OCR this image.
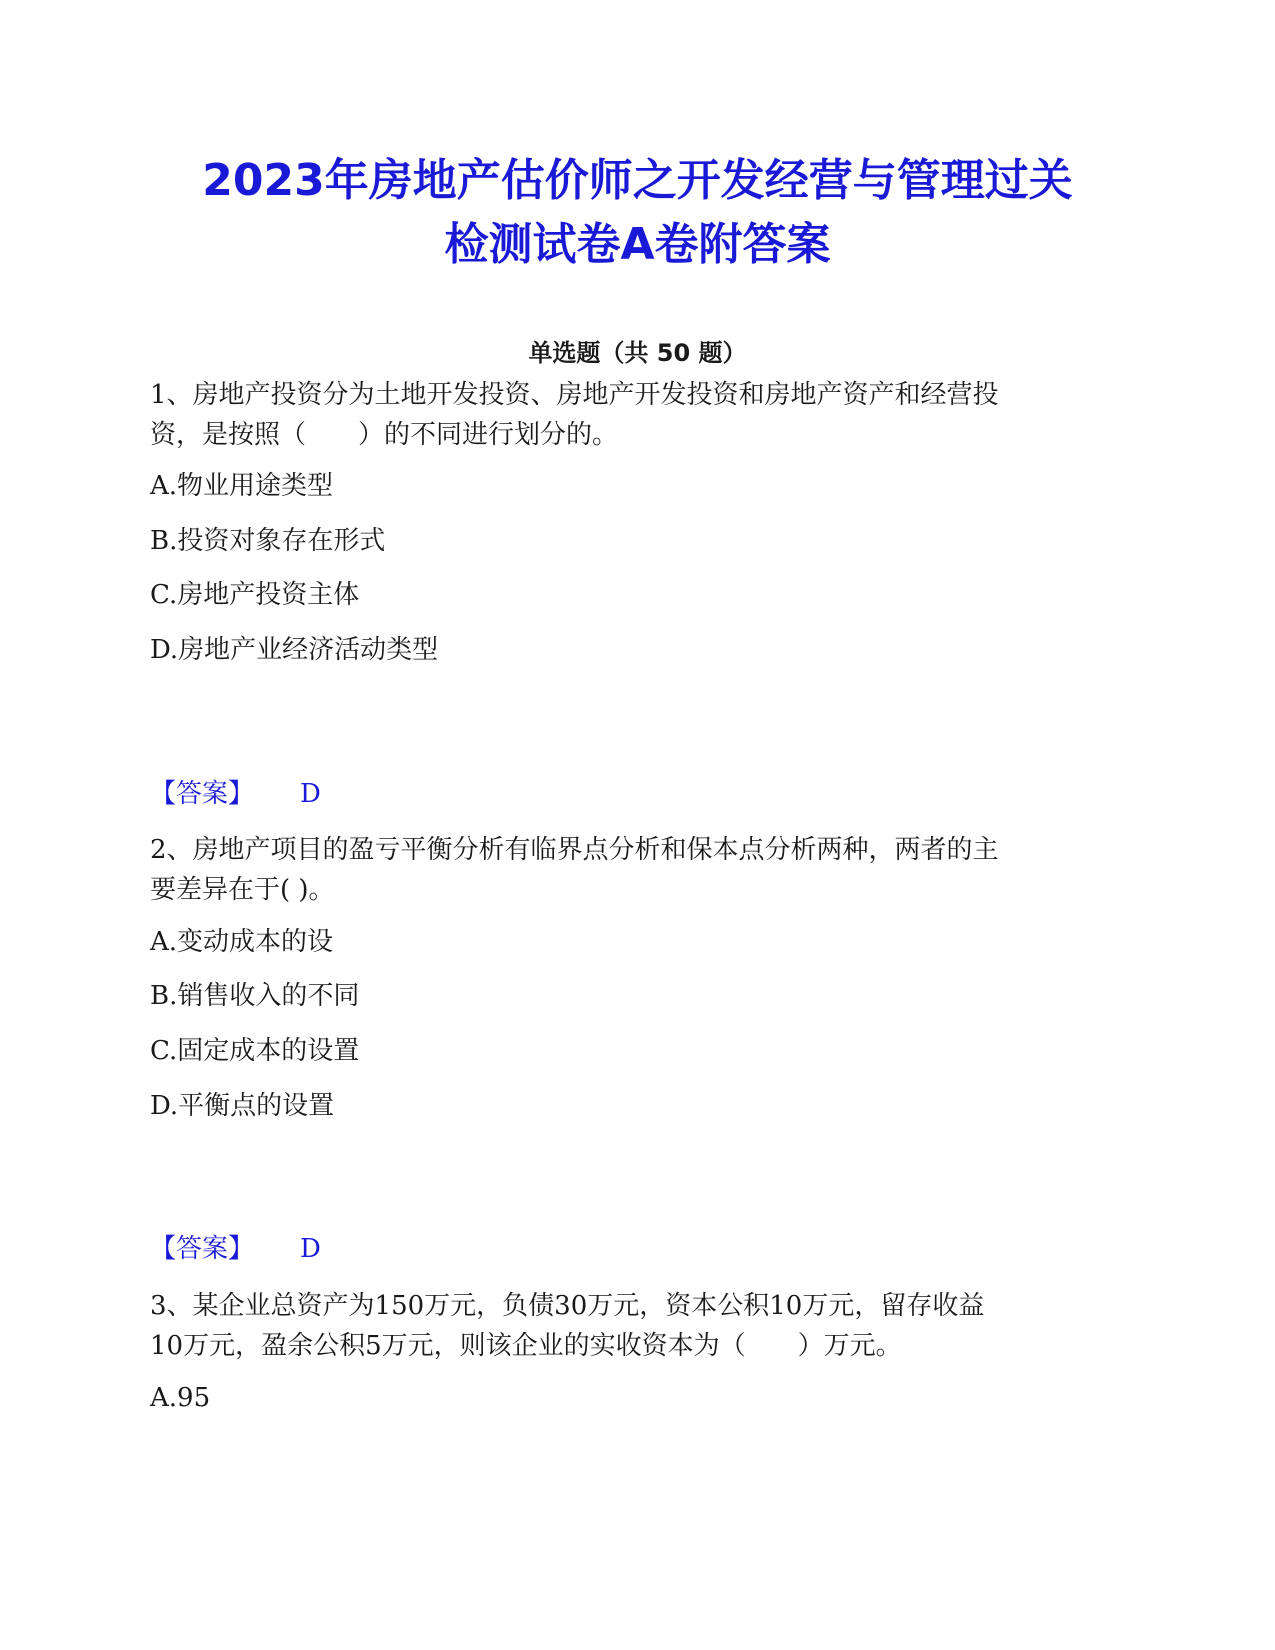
2023年房地产估价师之开发经营与管理过关
检测试卷A卷附答案
单选题（共 50 题）
1、房地产投资分为土地开发投资、房地产开发投资和房地产资产和经营投
资，是按照（　　）的不同进行划分的。
A.物业用途类型
B.投资对象存在形式
C.房地产投资主体
D.房地产业经济活动类型
【答案】 D
2、房地产项目的盈亏平衡分析有临界点分析和保本点分析两种，两者的主
要差异在于( )。
A.变动成本的设
B.销售收入的不同
C.固定成本的设置
D.平衡点的设置
【答案】 D
3、某企业总资产为150万元，负债30万元，资本公积10万元，留存收益
10万元，盈余公积5万元，则该企业的实收资本为（　　）万元。
A.95
